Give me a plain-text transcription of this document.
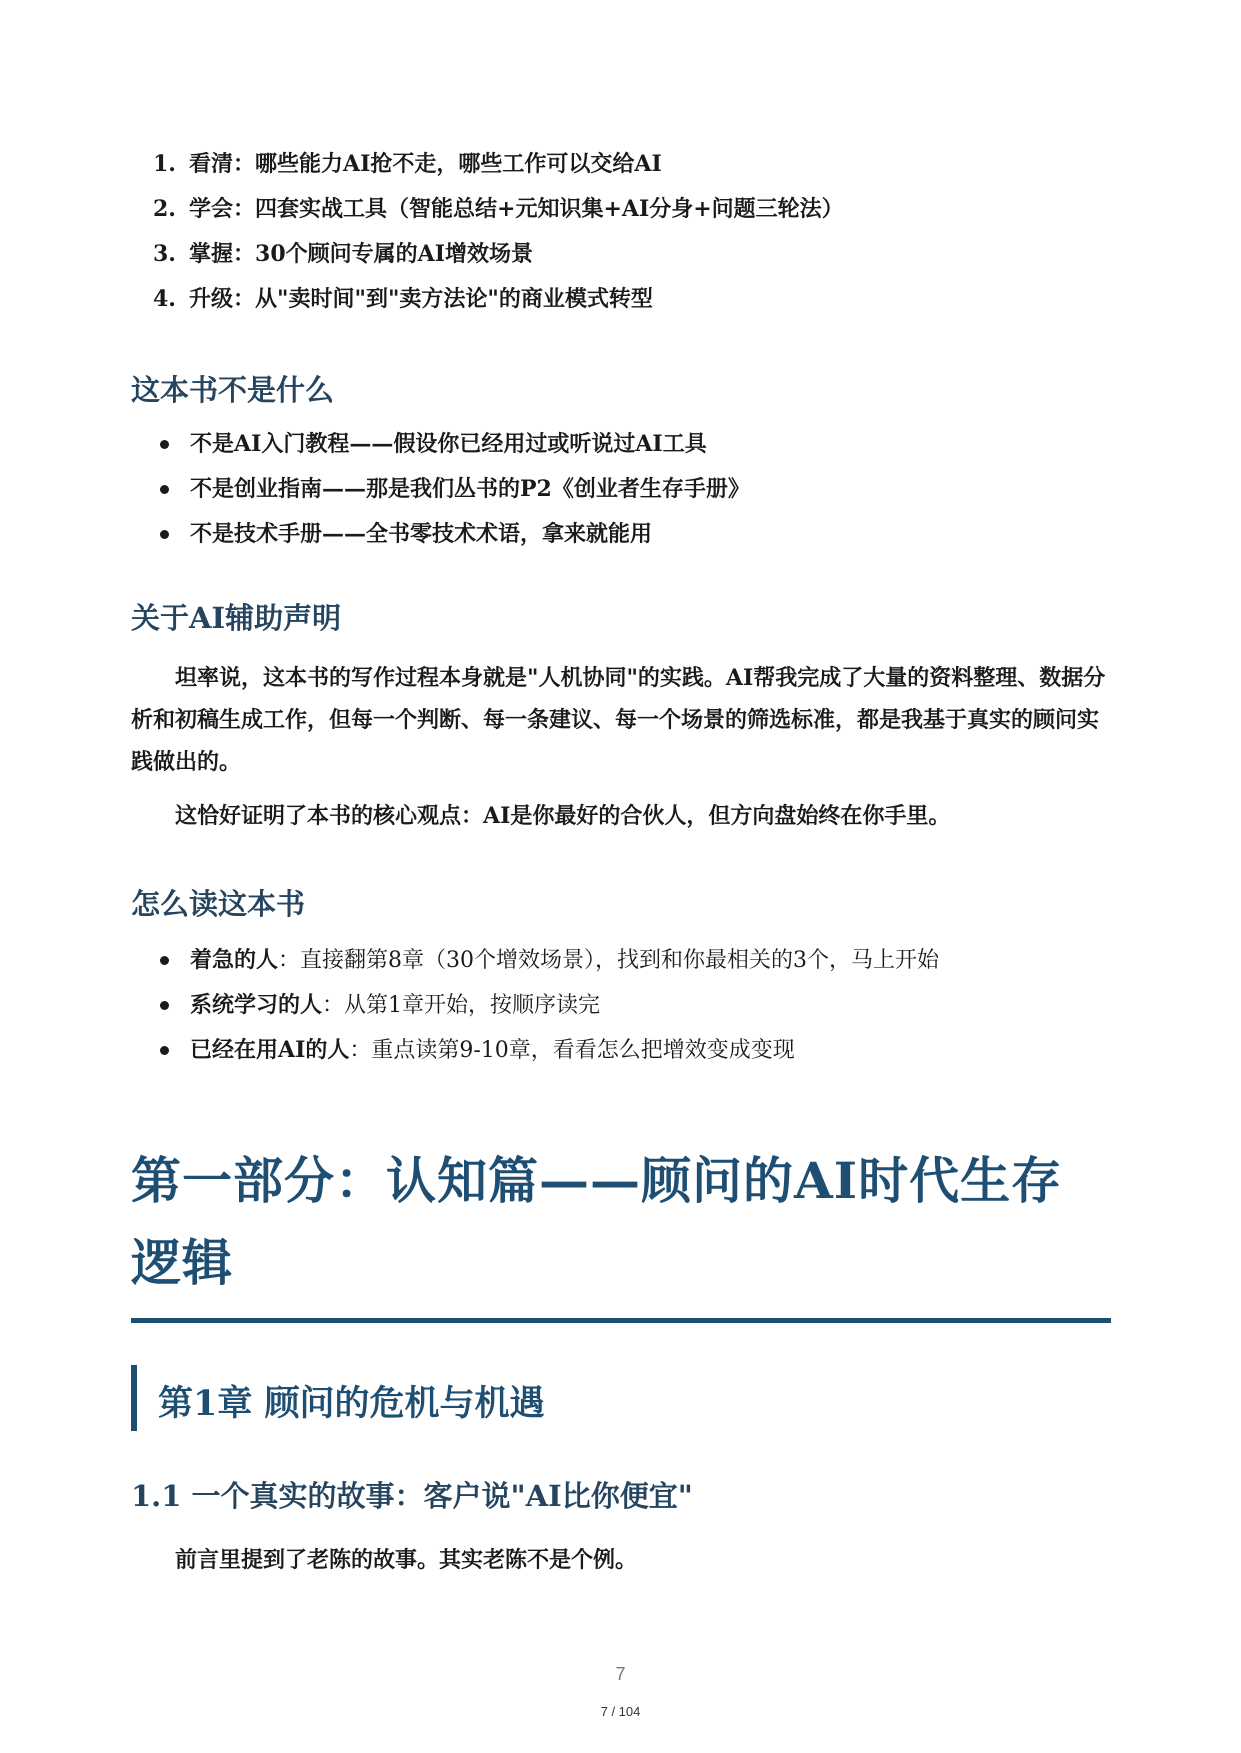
1. 看清：哪些能力AI抢不走，哪些工作可以交给AI
2. 学会：四套实战工具（智能总结+元知识集+AI分身+问题三轮法）
3. 掌握：30个顾问专属的AI增效场景
4. 升级：从"卖时间"到"卖方法论"的商业模式转型
这本书不是什么
不是AI入门教程——假设你已经用过或听说过AI工具
不是创业指南——那是我们丛书的P2《创业者生存手册》
不是技术手册——全书零技术术语，拿来就能用
关于AI辅助声明

坦率说，这本书的写作过程本身就是"人机协同"的实践。AI帮我完成了大量的资料整理、数据分析和初稿生成工作，但每一个判断、每一条建议、每一个场景的筛选标准，都是我基于真实的顾问实践做出的。

这恰好证明了本书的核心观点：AI是你最好的合伙人，但方向盘始终在你手里。

怎么读这本书
着急的人：直接翻第8章（30个增效场景），找到和你最相关的3个，马上开始
系统学习的人：从第1章开始，按顺序读完
已经在用AI的人：重点读第9-10章，看看怎么把增效变成变现
第一部分：认知篇——顾问的AI时代生存逻辑
第1章 顾问的危机与机遇
1.1 一个真实的故事：客户说"AI比你便宜"

前言里提到了老陈的故事。其实老陈不是个例。

7
7 / 104
